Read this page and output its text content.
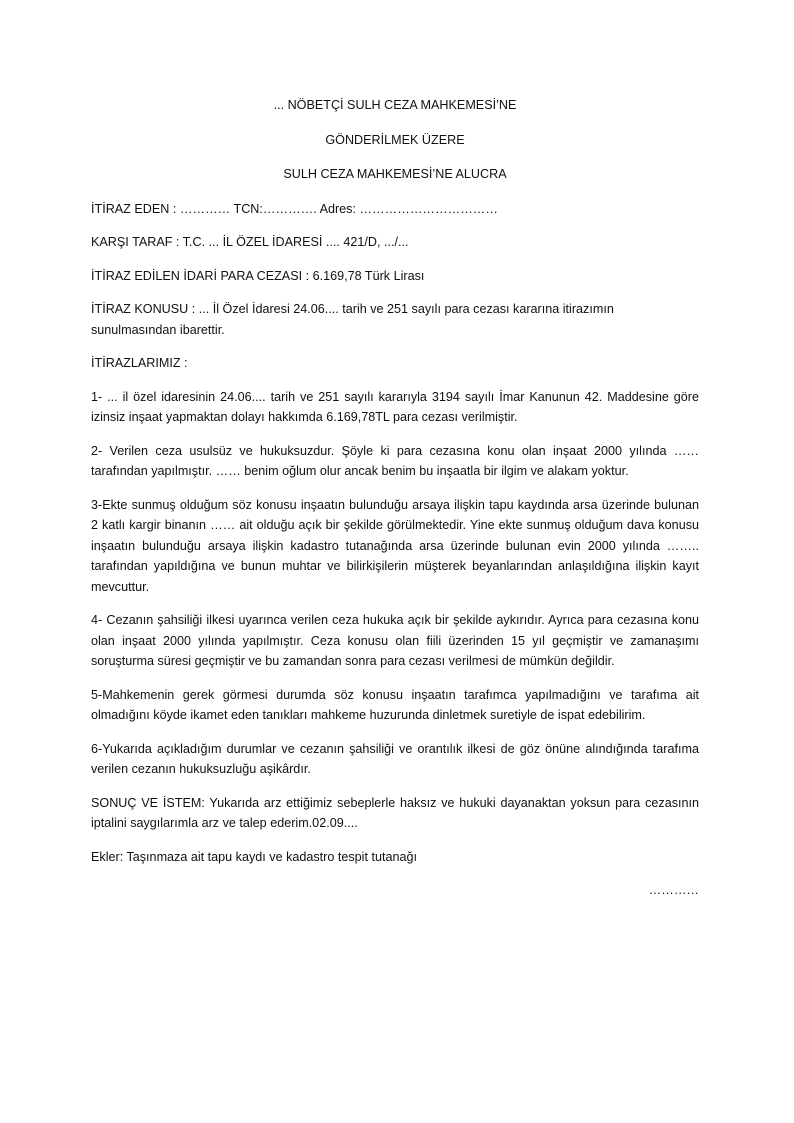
... NÖBETÇİ SULH CEZA MAHKEMESİ’NE

GÖNDERİLMEK ÜZERE

SULH CEZA MAHKEMESİ’NE ALUCRA

İTİRAZ EDEN : ………… TCN:…………. Adres: ……………………………

KARŞI TARAF : T.C. ... İL ÖZEL İDARESİ .... 421/D, .../...

İTİRAZ EDİLEN İDARİ PARA CEZASI : 6.169,78 Türk Lirası

İTİRAZ KONUSU : ... İl Özel İdaresi 24.06.... tarih ve 251 sayılı para cezası kararına itirazımın sunulmasından ibarettir.

İTİRAZLARIMIZ :

1- ... il özel idaresinin 24.06.... tarih ve 251 sayılı kararıyla 3194 sayılı İmar Kanunun 42. Maddesine göre izinsiz inşaat yapmaktan dolayı hakkımda 6.169,78TL para cezası verilmiştir.

2- Verilen ceza usulsüz ve hukuksuzdur. Şöyle ki para cezasına konu olan inşaat 2000 yılında …… tarafından yapılmıştır. …… benim oğlum olur ancak benim bu inşaatla bir ilgim ve alakam yoktur.

3-Ekte sunmuş olduğum söz konusu inşaatın bulunduğu arsaya ilişkin tapu kaydında arsa üzerinde bulunan 2 katlı kargir binanın …… ait olduğu açık bir şekilde görülmektedir. Yine ekte sunmuş olduğum dava konusu inşaatın bulunduğu arsaya ilişkin kadastro tutanağında arsa üzerinde bulunan evin 2000 yılında …….. tarafından yapıldığına ve bunun muhtar ve bilirkişilerin müşterek beyanlarından anlaşıldığına ilişkin kayıt mevcuttur.

4- Cezanın şahsiliği ilkesi uyarınca verilen ceza hukuka açık bir şekilde aykırıdır. Ayrıca para cezasına konu olan inşaat 2000 yılında yapılmıştır. Ceza konusu olan fiili üzerinden 15 yıl geçmiştir ve zamanaşımı soruşturma süresi geçmiştir ve bu zamandan sonra para cezası verilmesi de mümkün değildir.

5-Mahkemenin gerek görmesi durumda söz konusu inşaatın tarafımca yapılmadığını ve tarafıma ait olmadığını köyde ikamet eden tanıkları mahkeme huzurunda dinletmek suretiyle de ispat edebilirim.

6-Yukarıda açıkladığım durumlar ve cezanın şahsiliği ve orantılık ilkesi de göz önüne alındığında tarafıma verilen cezanın hukuksuzluğu aşikârdır.

SONUÇ VE İSTEM: Yukarıda arz ettiğimiz sebeplerle haksız ve hukuki dayanaktan yoksun para cezasının iptalini saygılarımla arz ve talep ederim.02.09....

Ekler: Taşınmaza ait tapu kaydı ve kadastro tespit tutanağı

…………
